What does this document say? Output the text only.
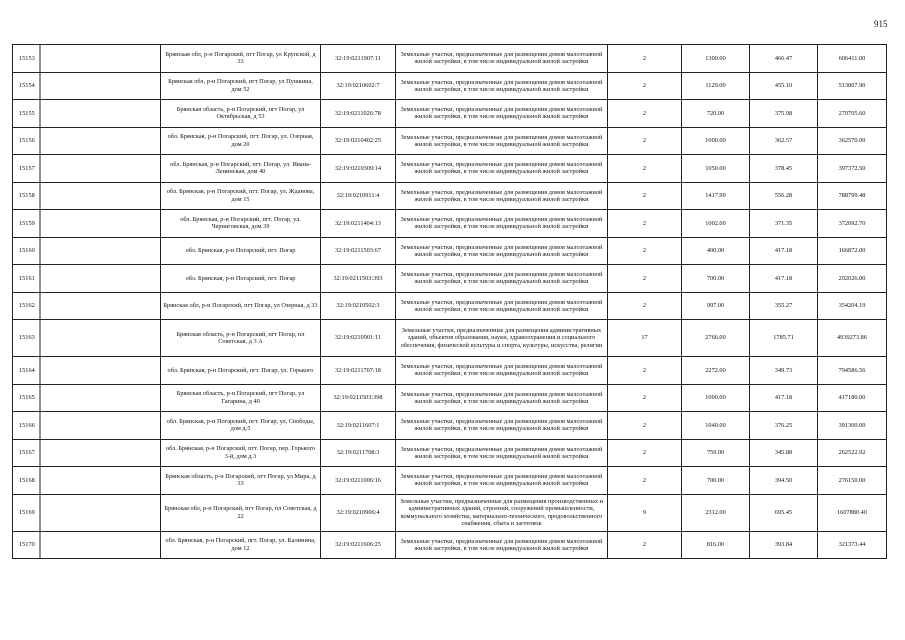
915
15153	Брянская обл, р-н Погарский, пгт Погар, ул Крупской, д 33	32:19:0211907:11	Земельные участки, предназначенные для размещения домов малоэтажной жилой застройки, в том числе индивидуальной жилой застройки	2	1300.00	466.47	606411.00
15154	Брянская обл, р-н Погарский, пгт Погар, ул Пушкина, дом 52	32:19:0210602:7	Земельные участки, предназначенные для размещения домов малоэтажной жилой застройки, в том числе индивидуальной жилой застройки	2	1129.00	455.10	513807.90
15155	Брянская область, р-н Погарский, пгт Погар, ул Октябрьская, д 53	32:19:0211026:78	Земельные участки, предназначенные для размещения домов малоэтажной жилой застройки, в том числе индивидуальной жилой застройки	2	720.00	375.98	270705.60
15156	обл. Брянская, р-н Погарский, пгт. Погар, ул. Озерная, дом 20	32:19:0210402:25	Земельные участки, предназначенные для размещения домов малоэтажной жилой застройки, в том числе индивидуальной жилой застройки	2	1000.00	362.57	362570.00
15157	обл. Брянская, р-н Погарский, пгт. Погар, ул. Ивана-Ленинская, дом 40	32:19:0210309:14	Земельные участки, предназначенные для размещения домов малоэтажной жилой застройки, в том числе индивидуальной жилой застройки	2	1050.00	378.45	397372.50
15158	обл. Брянская, р-н Погарский, пгт. Погар, ул. Жданова, дом 15	32:19:0210911:4	Земельные участки, предназначенные для размещения домов малоэтажной жилой застройки, в том числе индивидуальной жилой застройки	2	1417.99	556.28	788799.48
15159	обл. Брянская, р-н Погарский, пгт. Погар, ул. Черниговская, дом 39	32:19:0211404:13	Земельные участки, предназначенные для размещения домов малоэтажной жилой застройки, в том числе индивидуальной жилой застройки	2	1002.00	371.35	372092.70
15160	обл. Брянская, р-н Погарский, пгт. Погар	32:19:0211503:67	Земельные участки, предназначенные для размещения домов малоэтажной жилой застройки, в том числе индивидуальной жилой застройки	2	400.00	417.18	166872.00
15161	обл. Брянская, р-н Погарский, пгт. Погар	32:19:0211503:393	Земельные участки, предназначенные для размещения домов малоэтажной жилой застройки, в том числе индивидуальной жилой застройки	2	700.00	417.18	292026.00
15162	Брянская обл, р-н Погарский, пгт Погар, ул Озерная, д 33	32:19:0210502:3	Земельные участки, предназначенные для размещения домов малоэтажной жилой застройки, в том числе индивидуальной жилой застройки	2	997.00	355.27	354204.19
15163	Брянская область, р-н Погарский, пгт Погар, пл Советская, д 3 А	32:19:0210901:11	Земельные участки, предназначенные для размещения административных зданий, объектов образования, науки, здравоохранения и социального обеспечения, физической культуры и спорта, культуры, искусства, религии	17	2766.00	1785.71	4939273.86
15164	обл. Брянская, р-н Погарский, пгт. Погар, ул. Горького	32:19:0211707:18	Земельные участки, предназначенные для размещения домов малоэтажной жилой застройки, в том числе индивидуальной жилой застройки	2	2272.00	349.73	794586.56
15165	Брянская область, р-н Погарский, пгт Погар, ул Гагарина, д 40	32:19:0211503:398	Земельные участки, предназначенные для размещения домов малоэтажной жилой застройки, в том числе индивидуальной жилой застройки	2	1000.00	417.18	417180.00
15166	обл. Брянская, р-н Погарский, пгт. Погар, ул. Свободы, дом д.5	32:19:0211607:1	Земельные участки, предназначенные для размещения домов малоэтажной жилой застройки, в том числе индивидуальной жилой застройки	2	1040.00	376.25	391300.00
15167	обл. Брянская, р-н Погарский, пгт. Погар, пер. Горького 3-й, дом д.3	32:19:0211708:3	Земельные участки, предназначенные для размещения домов малоэтажной жилой застройки, в том числе индивидуальной жилой застройки	2	759.00	345.88	262522.92
15168	Брянская область, р-н Погарский, пгт Погар, ул Мира, д 33	32:19:0211006:16	Земельные участки, предназначенные для размещения домов малоэтажной жилой застройки, в том числе индивидуальной жилой застройки	2	700.00	394.50	276150.00
15169	Брянская обл, р-н Погарский, пгт Погар, пл Советская, д 22	32:19:0210906:4	Земельные участки, предназначенные для размещения производственных и административных зданий, строений, сооружений промышленности, коммунального хозяйства, материально-технического, продовольственного снабжения, сбыта и заготовок	9	2312.00	695.45	1607880.40
15170	обл. Брянская, р-н Погарский, пгт. Погар, ул. Калинина, дом 12	32:19:0211606:25	Земельные участки, предназначенные для размещения домов малоэтажной жилой застройки, в том числе индивидуальной жилой застройки	2	816.00	393.84	321373.44
